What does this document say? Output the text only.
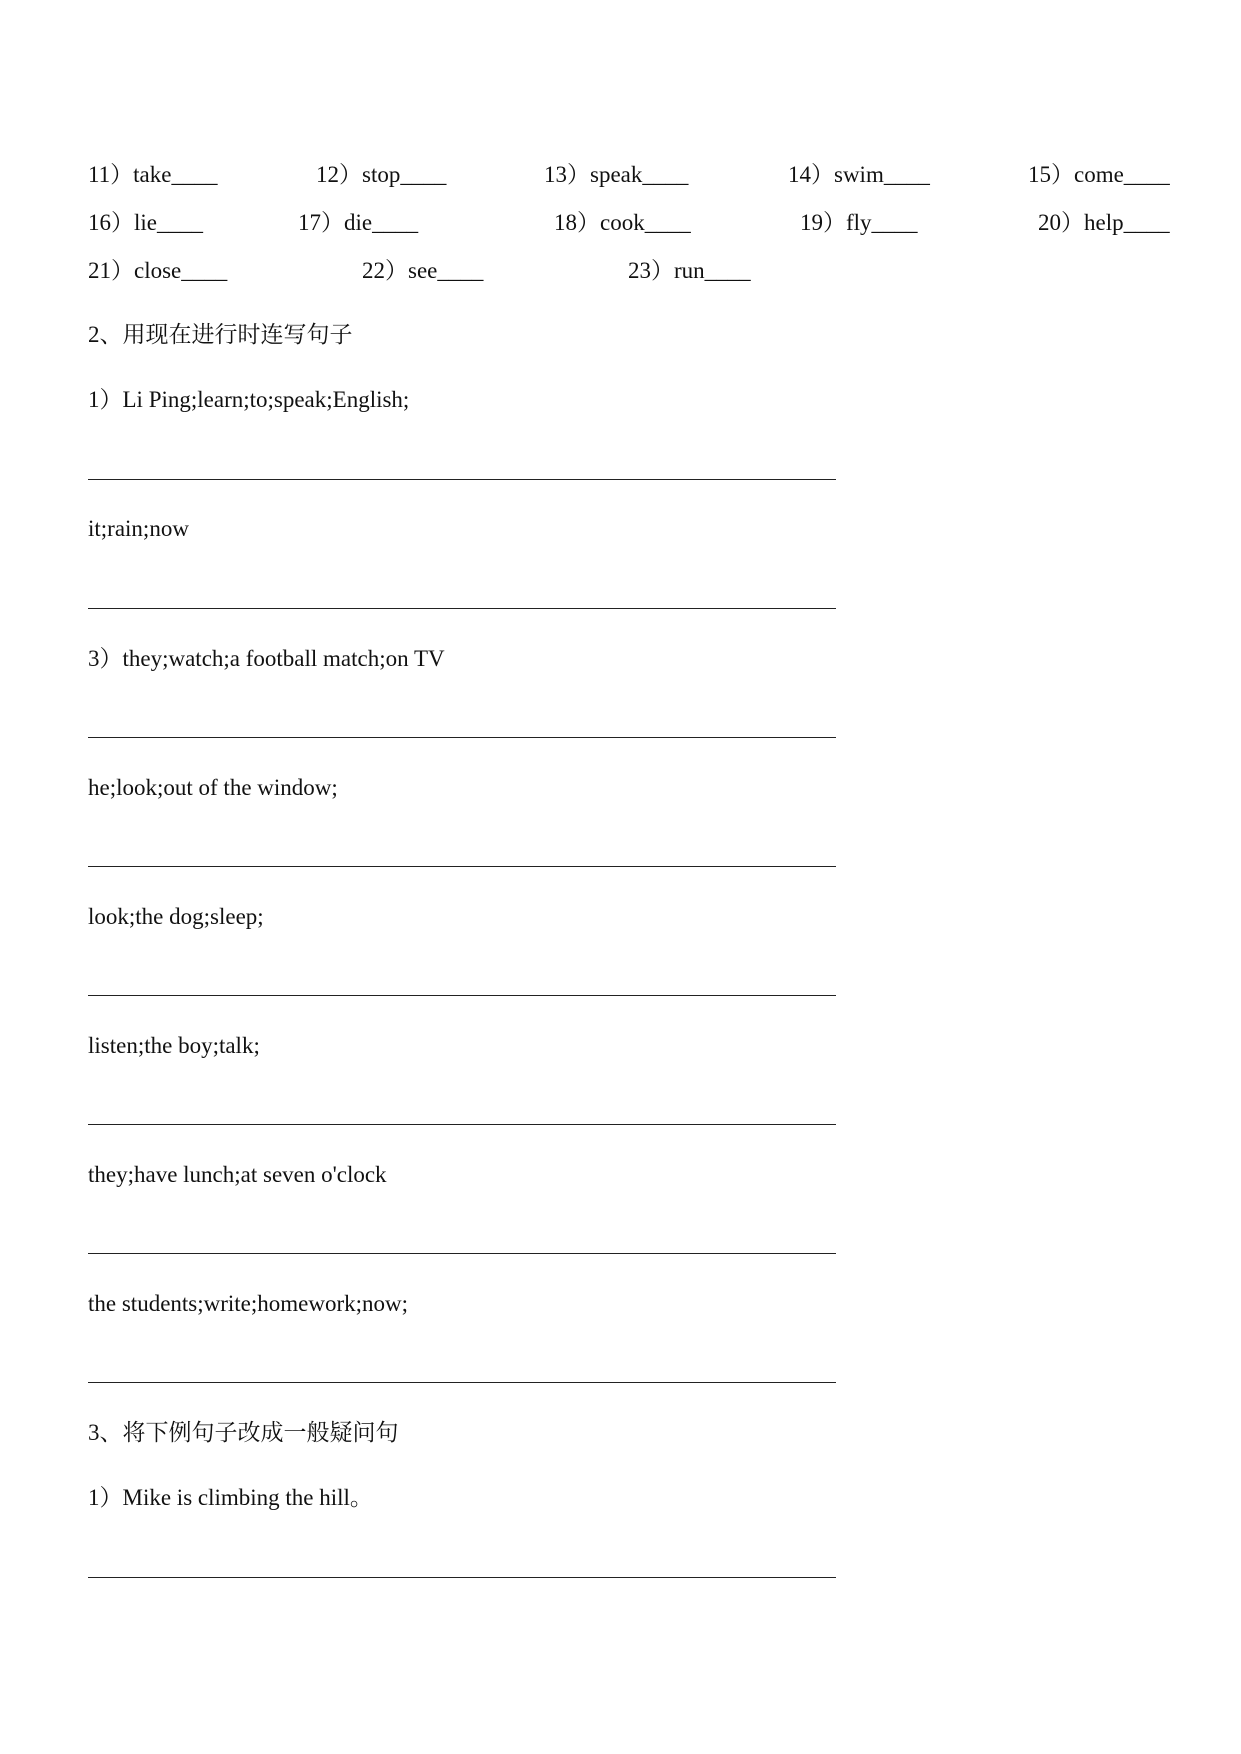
11）take____	12）stop____	13）speak____	14）swim____	15）come____
16）lie____	17）die____	18）cook____	19）fly____	20）help____
21）close____	22）see____	23）run____
2、用现在进行时连写句子
1）Li Ping;learn;to;speak;English;
it;rain;now
3）they;watch;a football match;on TV
he;look;out of the window;
look;the dog;sleep;
listen;the boy;talk;
they;have lunch;at seven o'clock
the students;write;homework;now;
3、将下例句子改成一般疑问句
1）Mike is climbing the hill。
